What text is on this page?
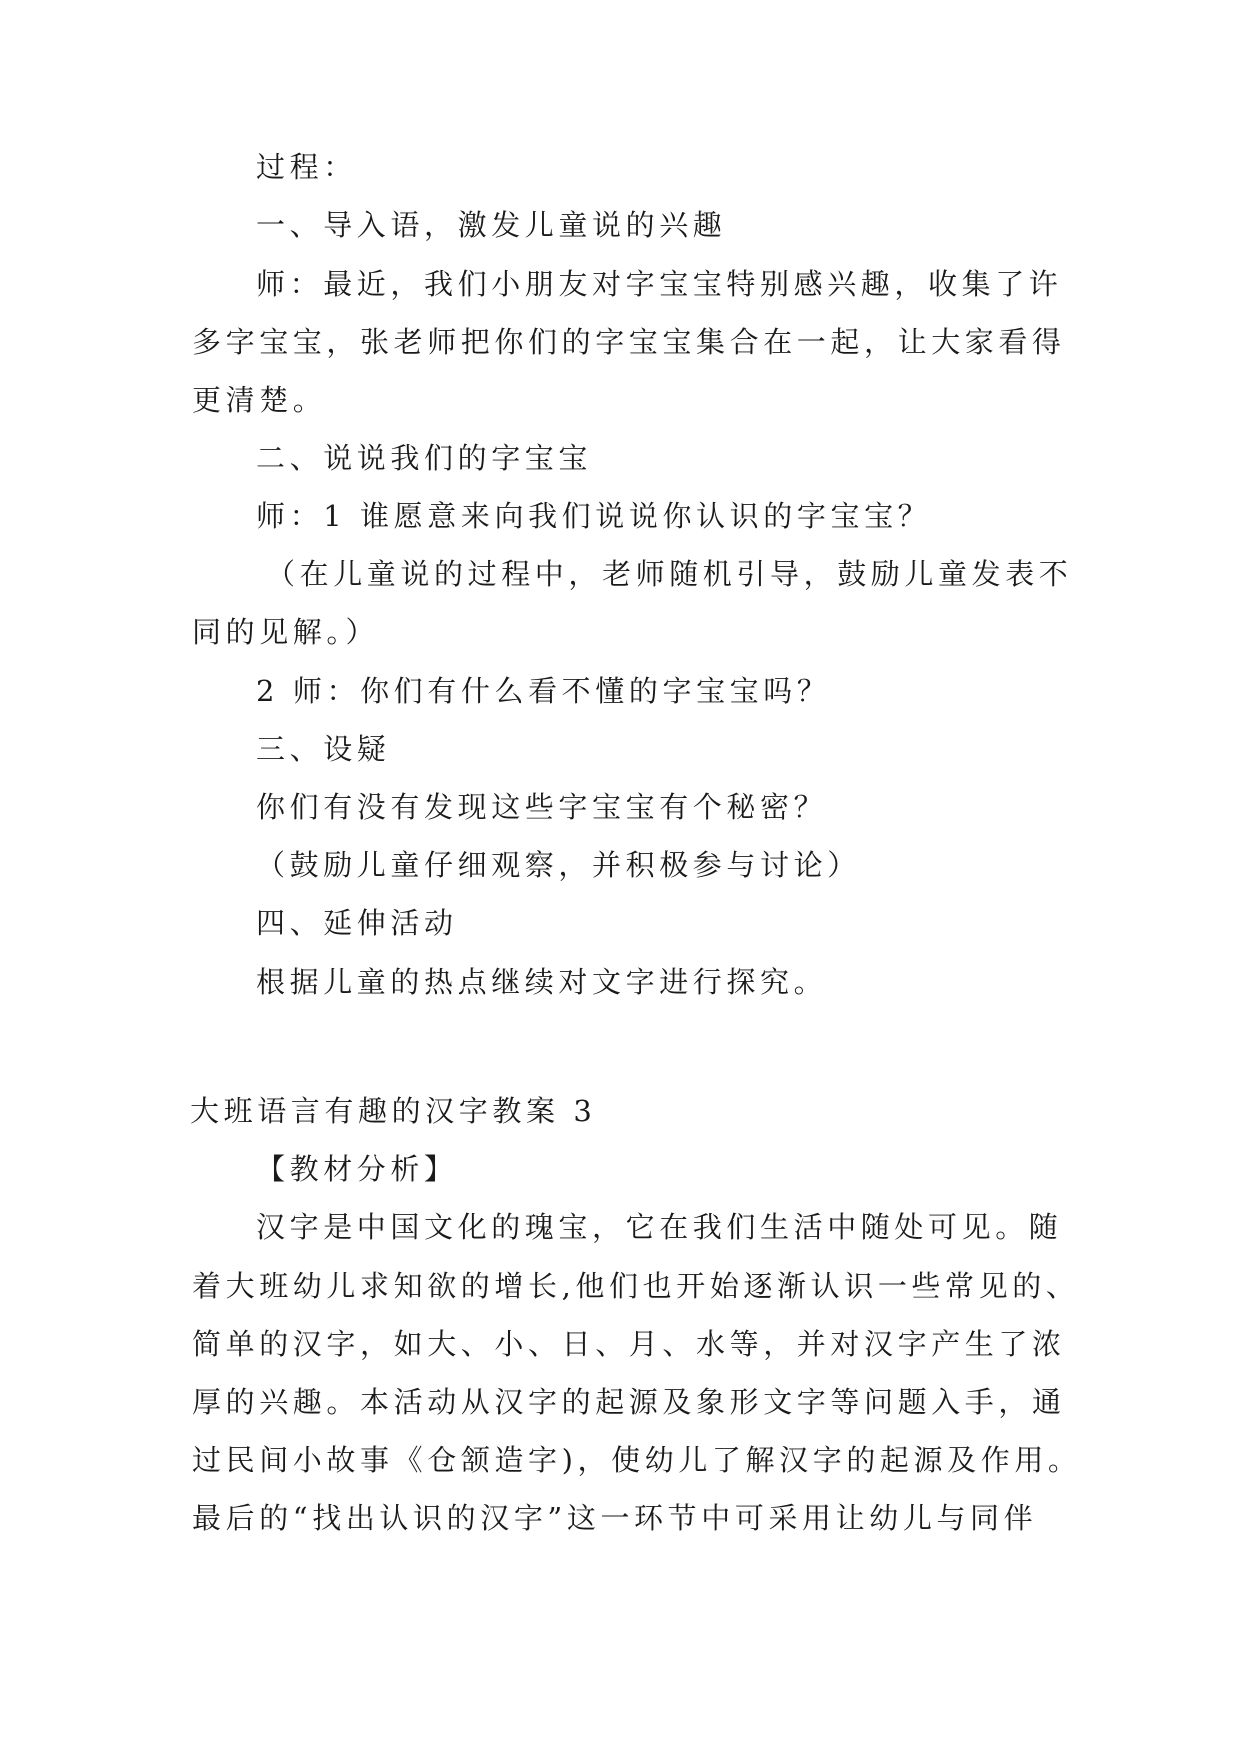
过程：
一、导入语，激发儿童说的兴趣
师：最近，我们小朋友对字宝宝特别感兴趣，收集了许
多字宝宝，张老师把你们的字宝宝集合在一起，让大家看得
更清楚。
二、说说我们的字宝宝
师：1 谁愿意来向我们说说你认识的字宝宝？
（在儿童说的过程中，老师随机引导，鼓励儿童发表不
同的见解。）
2 师：你们有什么看不懂的字宝宝吗？
三、设疑
你们有没有发现这些字宝宝有个秘密？
（鼓励儿童仔细观察，并积极参与讨论）
四、延伸活动
根据儿童的热点继续对文字进行探究。
大班语言有趣的汉字教案 3
【教材分析】
汉字是中国文化的瑰宝，它在我们生活中随处可见。随
着大班幼儿求知欲的增长,他们也开始逐渐认识一些常见的、
简单的汉字，如大、小、日、月、水等，并对汉字产生了浓
厚的兴趣。本活动从汉字的起源及象形文字等问题入手，通
过民间小故事《仓颔造字)，使幼儿了解汉字的起源及作用。
最后的“找出认识的汉字”这一环节中可采用让幼儿与同伴
